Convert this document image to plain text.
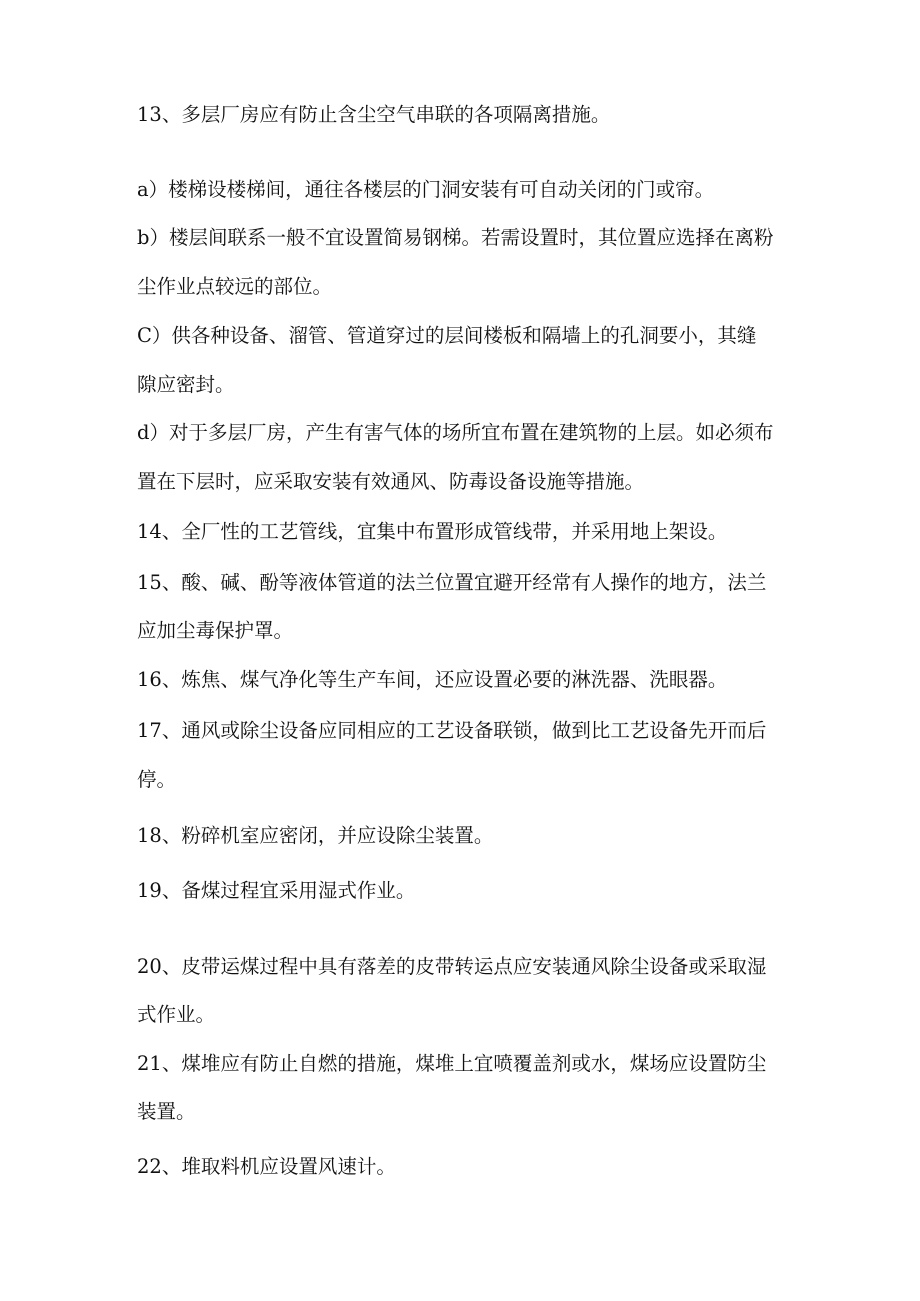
13、多层厂房应有防止含尘空气串联的各项隔离措施。
a）楼梯设楼梯间，通往各楼层的门洞安装有可自动关闭的门或帘。
b）楼层间联系一般不宜设置简易钢梯。若需设置时，其位置应选择在离粉
尘作业点较远的部位。
C）供各种设备、溜管、管道穿过的层间楼板和隔墙上的孔洞要小，其缝
隙应密封。
d）对于多层厂房，产生有害气体的场所宜布置在建筑物的上层。如必须布
置在下层时，应采取安装有效通风、防毒设备设施等措施。
14、全厂性的工艺管线，宜集中布置形成管线带，并采用地上架设。
15、酸、碱、酚等液体管道的法兰位置宜避开经常有人操作的地方，法兰
应加尘毒保护罩。
16、炼焦、煤气净化等生产车间，还应设置必要的淋洗器、洗眼器。
17、通风或除尘设备应同相应的工艺设备联锁，做到比工艺设备先开而后
停。
18、粉碎机室应密闭，并应设除尘装置。
19、备煤过程宜采用湿式作业。
20、皮带运煤过程中具有落差的皮带转运点应安装通风除尘设备或采取湿
式作业。
21、煤堆应有防止自燃的措施，煤堆上宜喷覆盖剂或水，煤场应设置防尘
装置。
22、堆取料机应设置风速计。
